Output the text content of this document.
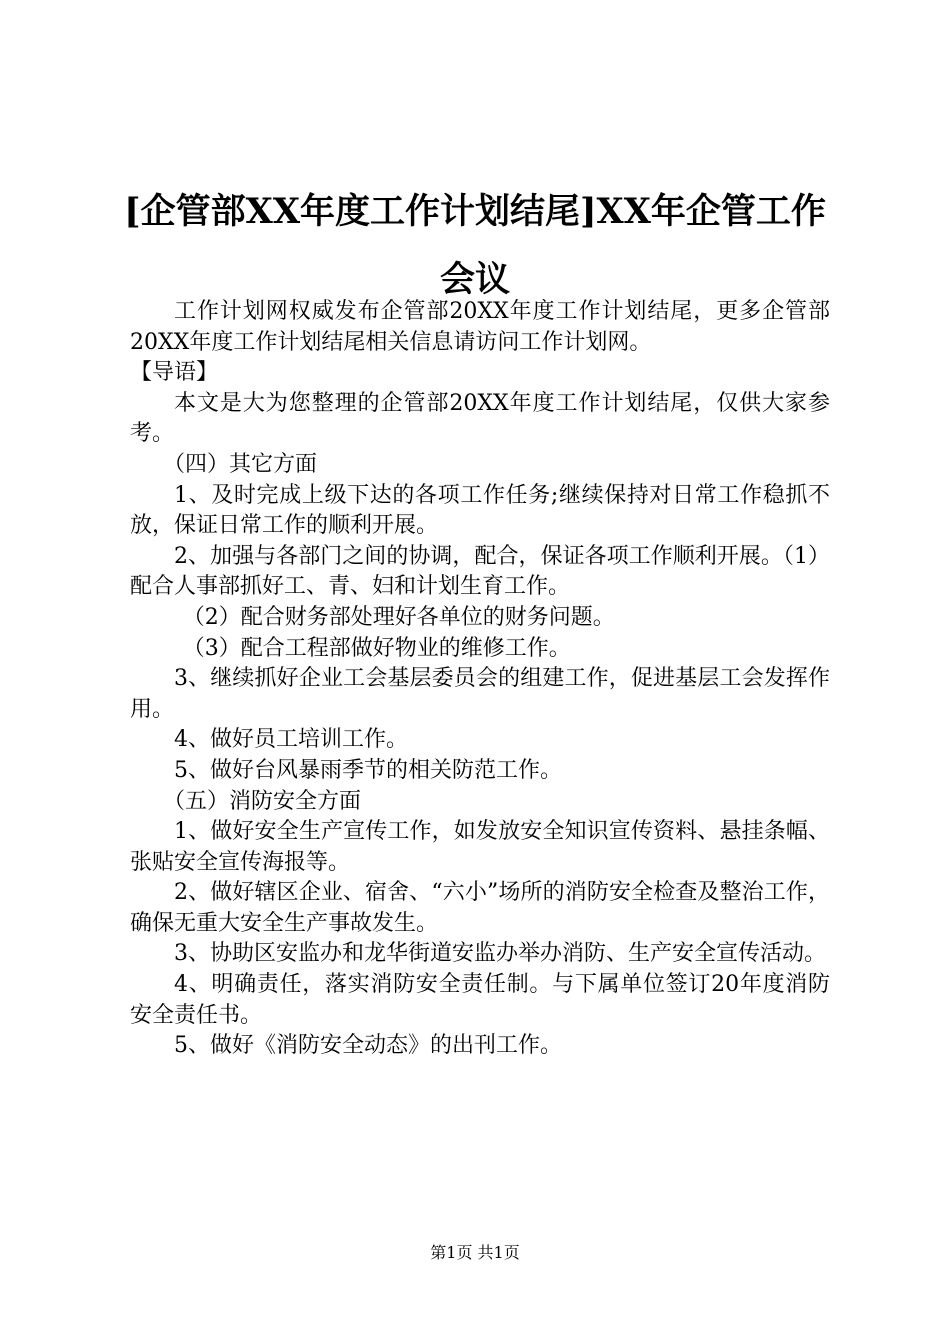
[企管部XX年度工作计划结尾]XX年企管工作会议

工作计划网权威发布企管部20XX年度工作计划结尾，更多企管部20XX年度工作计划结尾相关信息请访问工作计划网。

【导语】

本文是大为您整理的企管部20XX年度工作计划结尾，仅供大家参考。

（四）其它方面

1、及时完成上级下达的各项工作任务;继续保持对日常工作稳抓不放，保证日常工作的顺利开展。

2、加强与各部门之间的协调，配合，保证各项工作顺利开展。（1）配合人事部抓好工、青、妇和计划生育工作。

（2）配合财务部处理好各单位的财务问题。

（3）配合工程部做好物业的维修工作。

3、继续抓好企业工会基层委员会的组建工作，促进基层工会发挥作用。

4、做好员工培训工作。

5、做好台风暴雨季节的相关防范工作。

（五）消防安全方面

1、做好安全生产宣传工作，如发放安全知识宣传资料、悬挂条幅、张贴安全宣传海报等。

2、做好辖区企业、宿舍、“六小”场所的消防安全检查及整治工作，确保无重大安全生产事故发生。

3、协助区安监办和龙华街道安监办举办消防、生产安全宣传活动。

4、明确责任，落实消防安全责任制。与下属单位签订20年度消防安全责任书。

5、做好《消防安全动态》的出刊工作。

第1页 共1页
